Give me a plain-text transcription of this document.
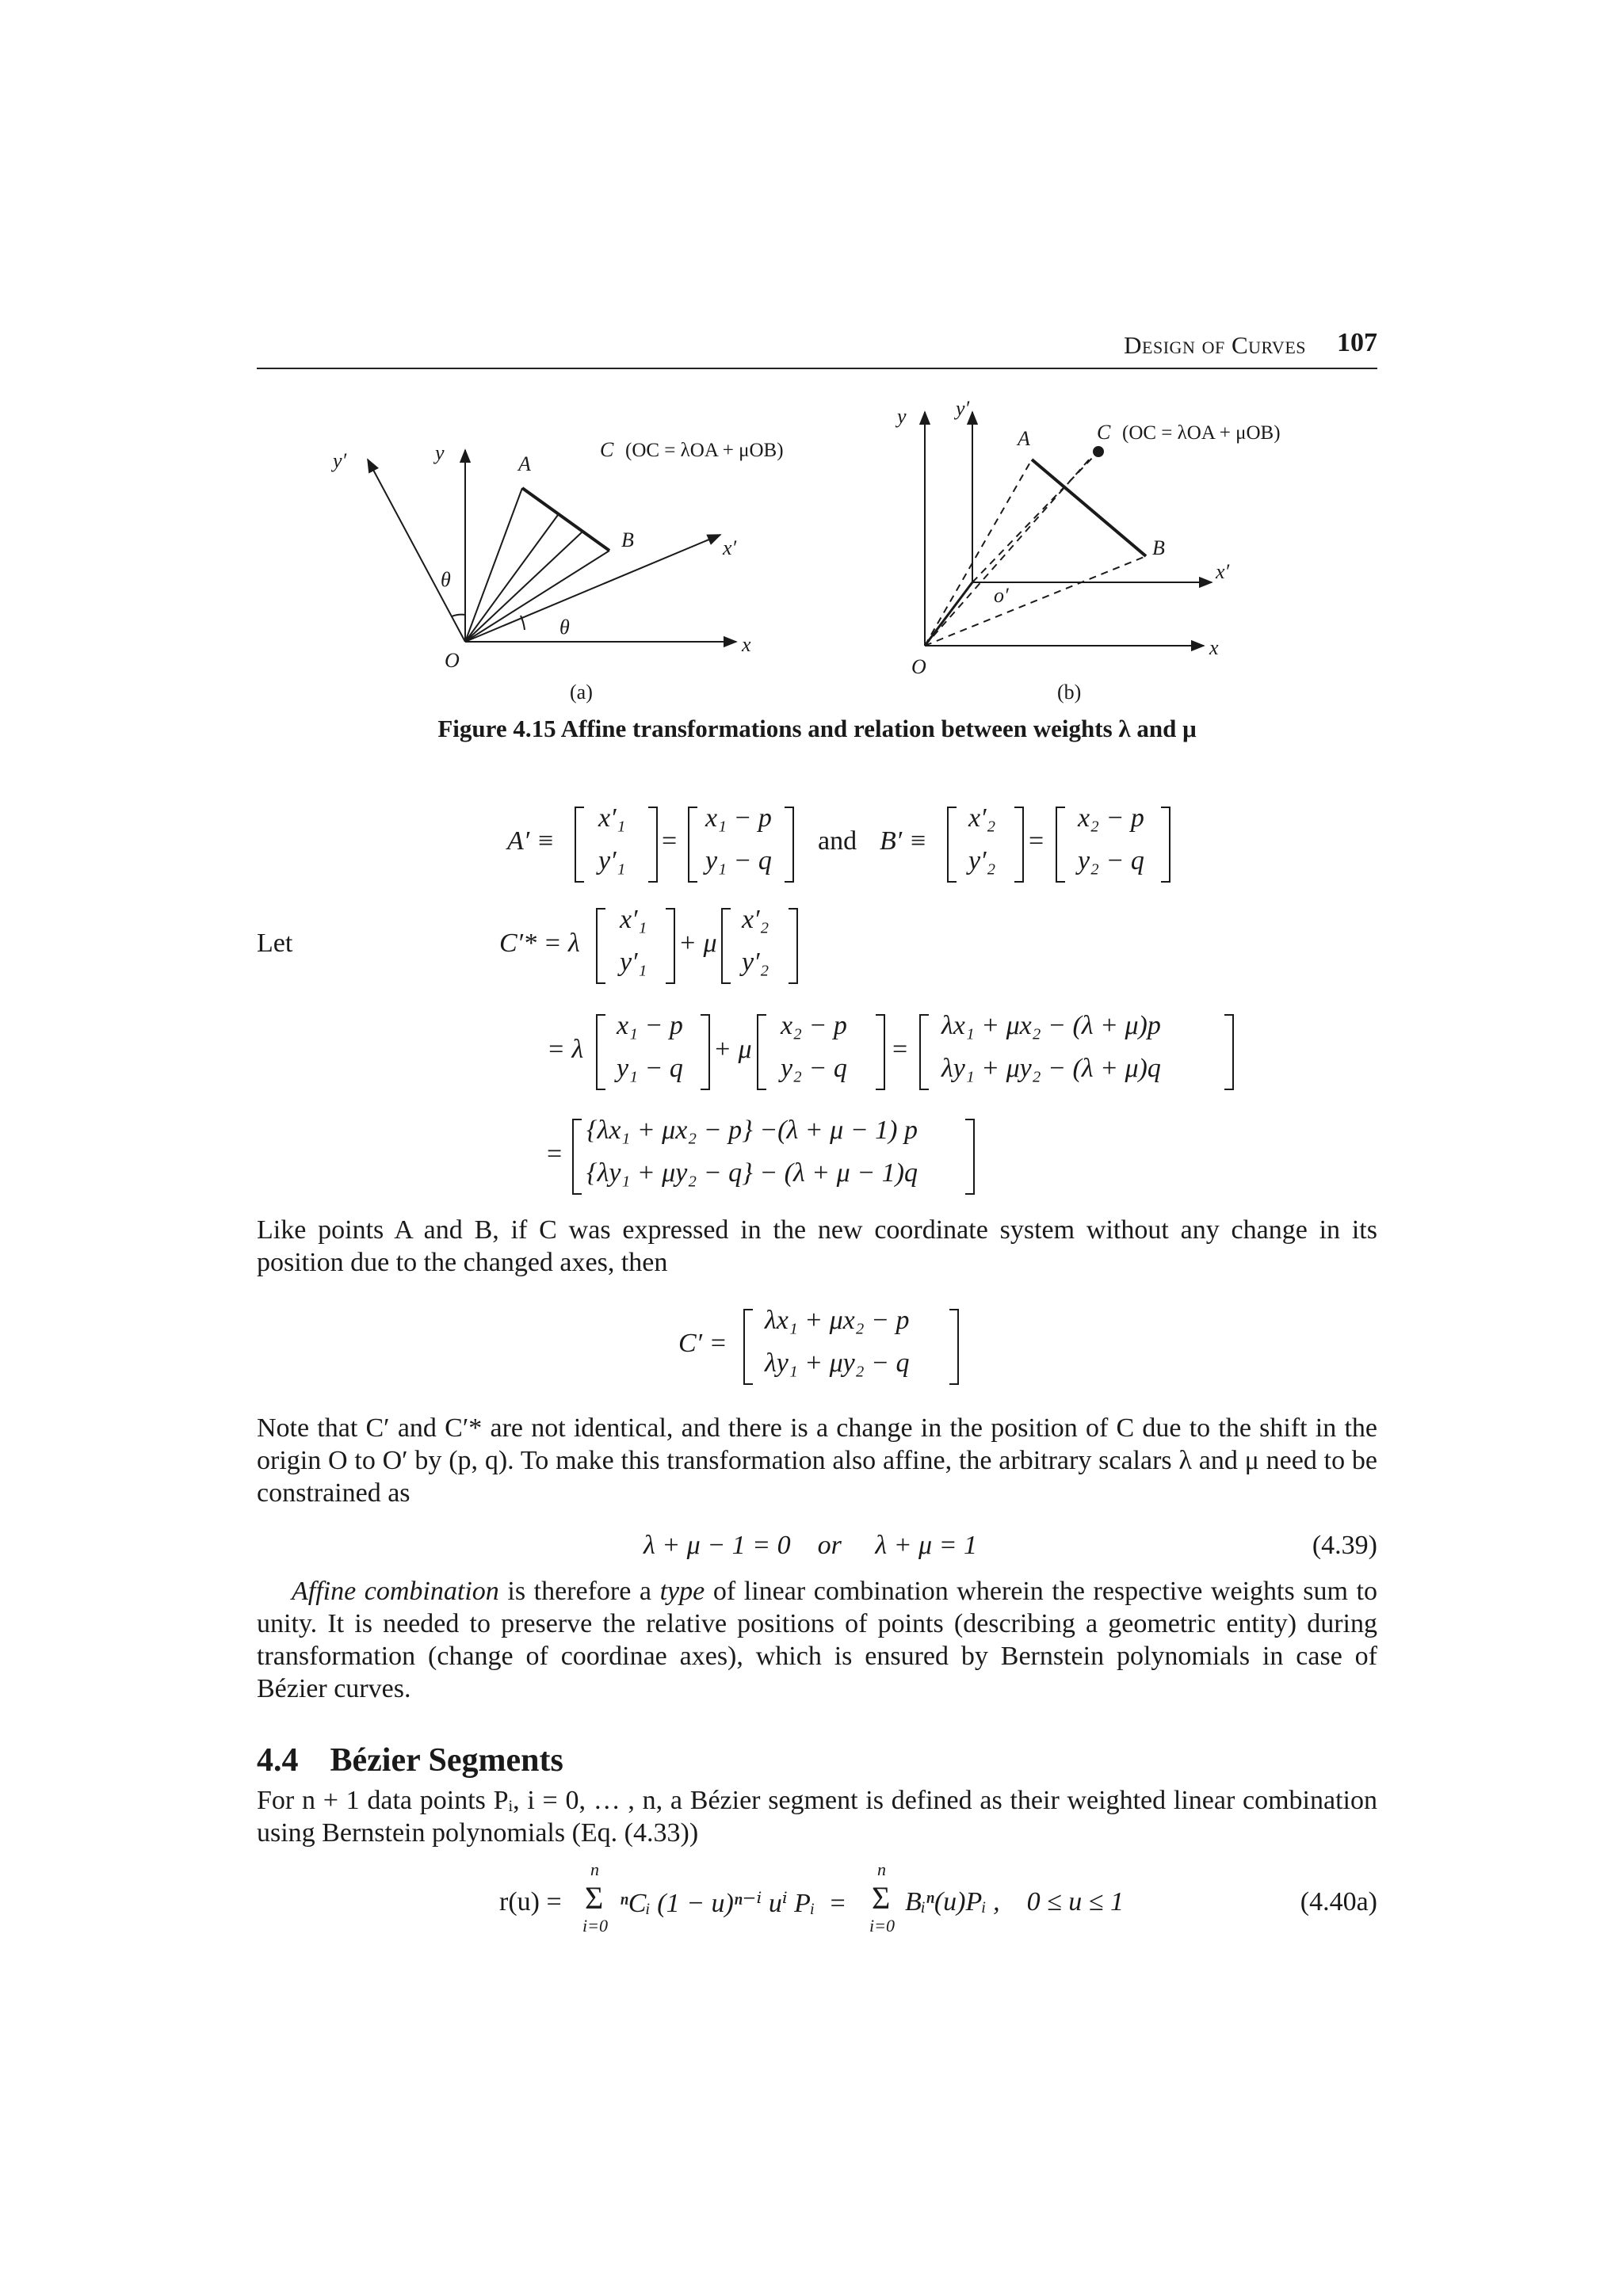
Design of Curves 107
y′	y	A
C (OC = λOA + μOB)
B	x′
θ
θ
O
x
(a)
y y′
A	C (OC = λOA + μOB)
B
x′
o′
O
x
(b)
Figure 4.15 Affine transformations and relation between weights λ and μ
A′ ≡
x′₁
y′₁
=
x₁ − p
y₁ − q
and B′ ≡
x′₂
y′₂
=
x₂ − p
y₂ − q
Let	C′* = λ
x′₁
y′₁
+ μ
x′₂
y′₂
= λ
x₁ − p
y₁ − q
+ μ
x₂ − p
y₂ − q
=
λx₁ + μx₂ − (λ + μ)p
λy₁ + μy₂ − (λ + μ)q
=
{λx₁ + μx₂ − p} −(λ + μ − 1) p
{λy₁ + μy₂ − q} − (λ + μ − 1)q
Like points A and B, if C was expressed in the new coordinate system without any change in its position due to the changed axes, then
C′ =
λx₁ + μx₂ − p
λy₁ + μy₂ − q
Note that C′ and C′* are not identical, and there is a change in the position of C due to the shift in the origin O to O′ by (p, q). To make this transformation also affine, the arbitrary scalars λ and μ need to be constrained as
λ + μ − 1 = 0    or     λ + μ = 1	(4.39)
Affine combination is therefore a type of linear combination wherein the respective weights sum to unity. It is needed to preserve the relative positions of points (describing a geometric entity) during transformation (change of coordinae axes), which is ensured by Bernstein polynomials in case of Bézier curves.
4.4 Bézier Segments
For n + 1 data points Pᵢ, i = 0, … , n, a Bézier segment is defined as their weighted linear combination using Bernstein polynomials (Eq. (4.33))
r(u) =
n
Σ
i=0
ⁿCᵢ (1 − u)ⁿ⁻ⁱ uⁱ Pᵢ  =
n
Σ
i=0
Bᵢⁿ(u)Pᵢ ,    0 ≤ u ≤ 1	(4.40a)
